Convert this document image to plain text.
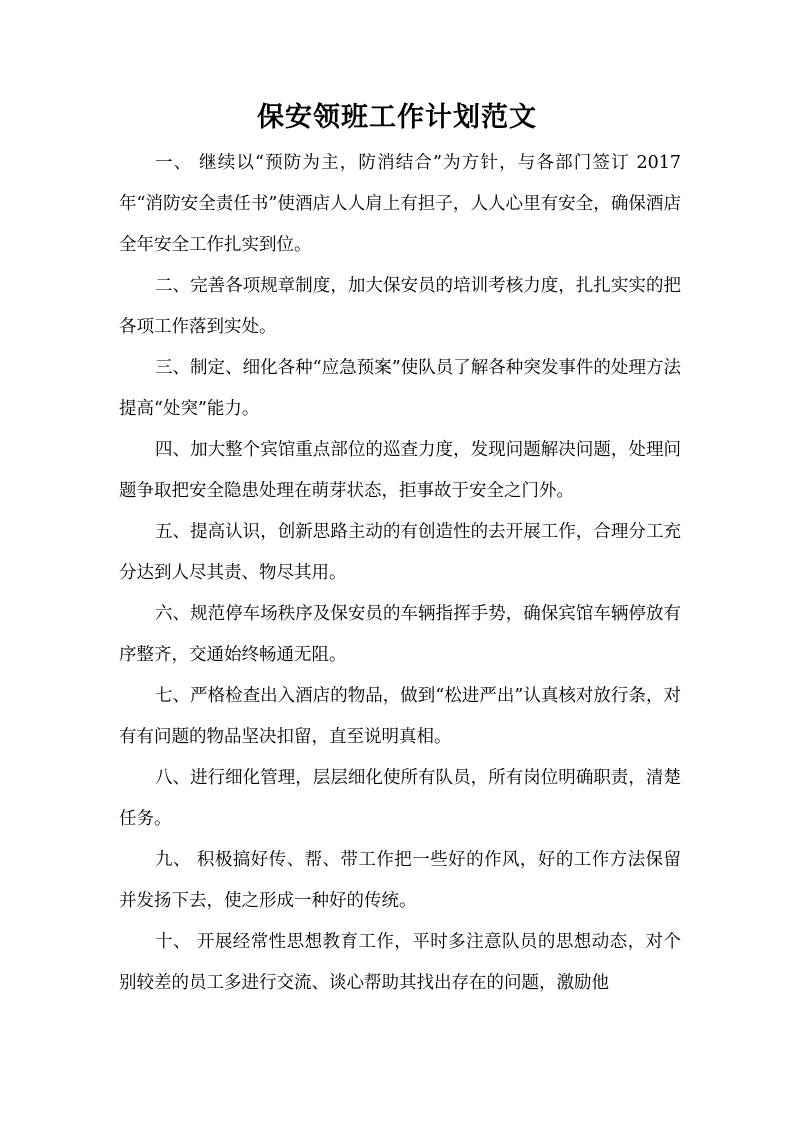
保安领班工作计划范文

一、 继续以“预防为主，防消结合”为方针，与各部门签订 2017 年“消防安全责任书”使酒店人人肩上有担子，人人心里有安全，确保酒店全年安全工作扎实到位。

二、完善各项规章制度，加大保安员的培训考核力度，扎扎实实的把各项工作落到实处。

三、制定、细化各种“应急预案”使队员了解各种突发事件的处理方法提高“处突”能力。

四、加大整个宾馆重点部位的巡查力度，发现问题解决问题，处理问题争取把安全隐患处理在萌芽状态，拒事故于安全之门外。

五、提高认识，创新思路主动的有创造性的去开展工作，合理分工充分达到人尽其责、物尽其用。

六、规范停车场秩序及保安员的车辆指挥手势，确保宾馆车辆停放有序整齐，交通始终畅通无阻。

七、严格检查出入酒店的物品，做到“松进严出”认真核对放行条，对有有问题的物品坚决扣留，直至说明真相。

八、进行细化管理，层层细化使所有队员，所有岗位明确职责，清楚任务。

九、 积极搞好传、帮、带工作把一些好的作风，好的工作方法保留并发扬下去，使之形成一种好的传统。

十、 开展经常性思想教育工作，平时多注意队员的思想动态，对个别较差的员工多进行交流、谈心帮助其找出存在的问题，激励他
